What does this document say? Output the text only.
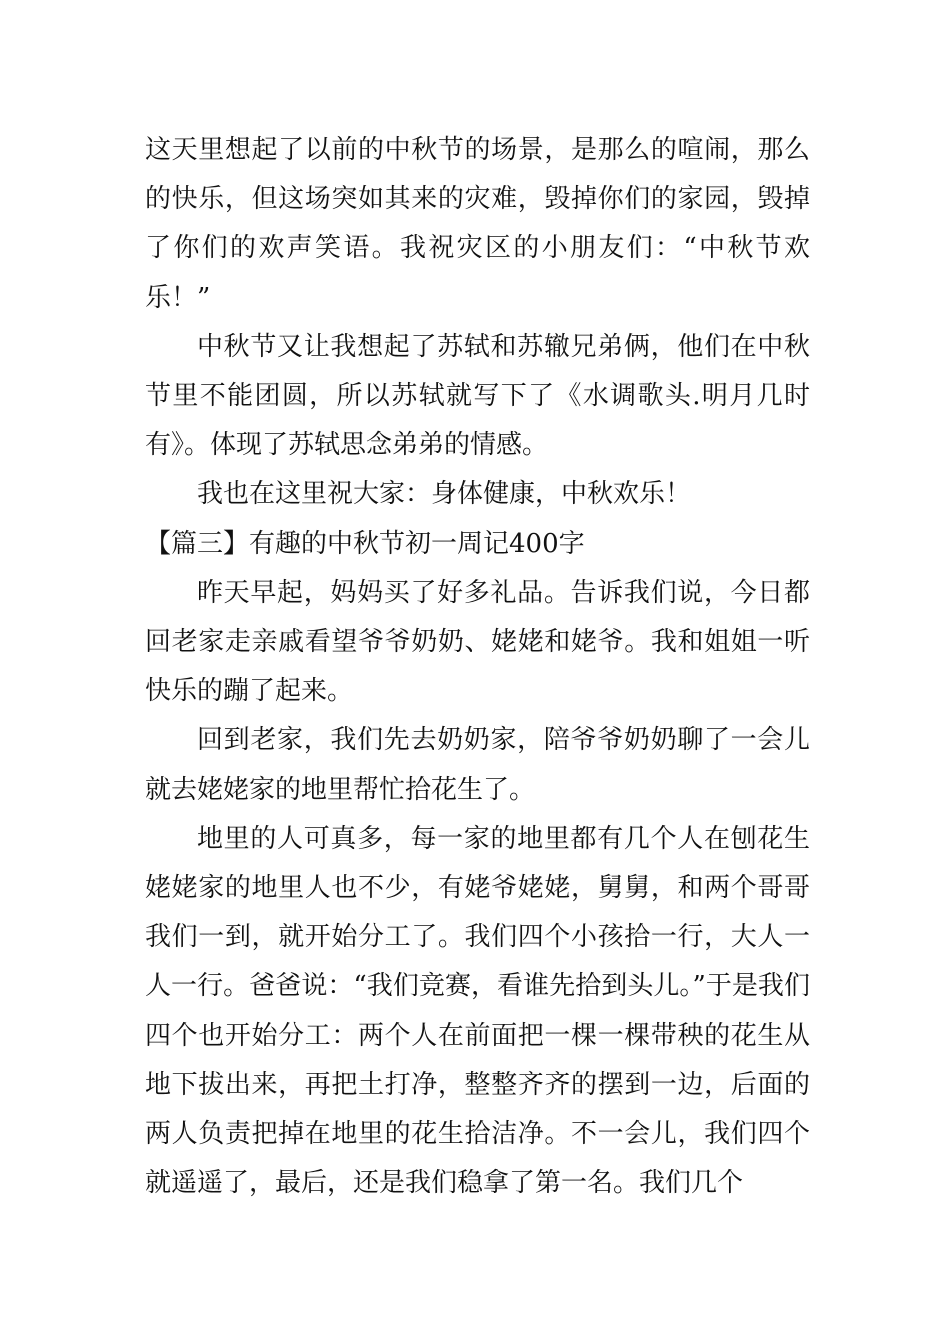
这天里想起了以前的中秋节的场景，是那么的喧闹，那么的快乐，但这场突如其来的灾难，毁掉你们的家园，毁掉了你们的欢声笑语。我祝灾区的小朋友们：“中秋节欢乐！”

中秋节又让我想起了苏轼和苏辙兄弟俩，他们在中秋节里不能团圆，所以苏轼就写下了《水调歌头.明月几时有》。体现了苏轼思念弟弟的情感。

我也在这里祝大家：身体健康，中秋欢乐！

【篇三】有趣的中秋节初一周记400字

昨天早起，妈妈买了好多礼品。告诉我们说，今日都回老家走亲戚看望爷爷奶奶、姥姥和姥爷。我和姐姐一听快乐的蹦了起来。

回到老家，我们先去奶奶家，陪爷爷奶奶聊了一会儿就去姥姥家的地里帮忙拾花生了。

地里的人可真多，每一家的地里都有几个人在刨花生姥姥家的地里人也不少，有姥爷姥姥，舅舅，和两个哥哥我们一到，就开始分工了。我们四个小孩拾一行，大人一人一行。爸爸说：“我们竞赛，看谁先拾到头儿。”于是我们四个也开始分工：两个人在前面把一棵一棵带秧的花生从地下拔出来，再把土打净，整整齐齐的摆到一边，后面的两人负责把掉在地里的花生拾洁净。不一会儿，我们四个就遥遥了，最后，还是我们稳拿了第一名。我们几个
